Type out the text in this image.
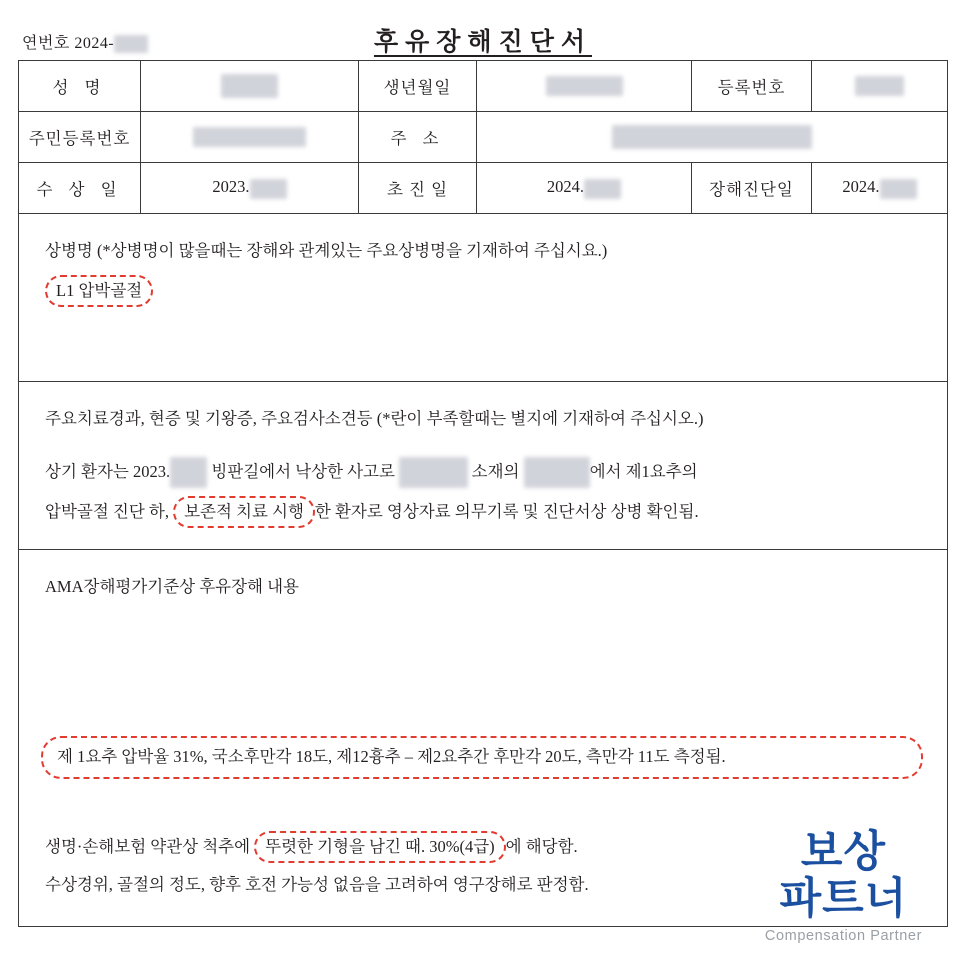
연번호 2024-	후유장해진단서
성 명	생년월일	등록번호
주민등록번호	주 소
수 상 일	2023.	초 진 일	2024.	장해진단일	2024.

상병명 (*상병명이 많을때는 장해와 관계있는 주요상병명을 기재하여 주십시요.)

L1 압박골절

주요치료경과, 현증 및 기왕증, 주요검사소견등 (*란이 부족할때는 별지에 기재하여 주십시오.)

상기 환자는 2023.	빙판길에서 낙상한 사고로	소재의	에서 제1요추의

압박골절 진단 하, 보존적 치료 시행 한 환자로 영상자료 의무기록 및 진단서상 상병 확인됨.

AMA장해평가기준상 후유장해 내용

제 1요추 압박율 31%, 국소후만각 18도, 제12흉추 – 제2요추간 후만각 20도, 측만각 11도 측정됨.
생명·손해보험 약관상 척추에 뚜렷한 기형을 남긴 때. 30%(4급) 에 해당함.
수상경위, 골절의 정도, 향후 호전 가능성 없음을 고려하여 영구장해로 판정함.
보상
파트너
Compensation Partner
